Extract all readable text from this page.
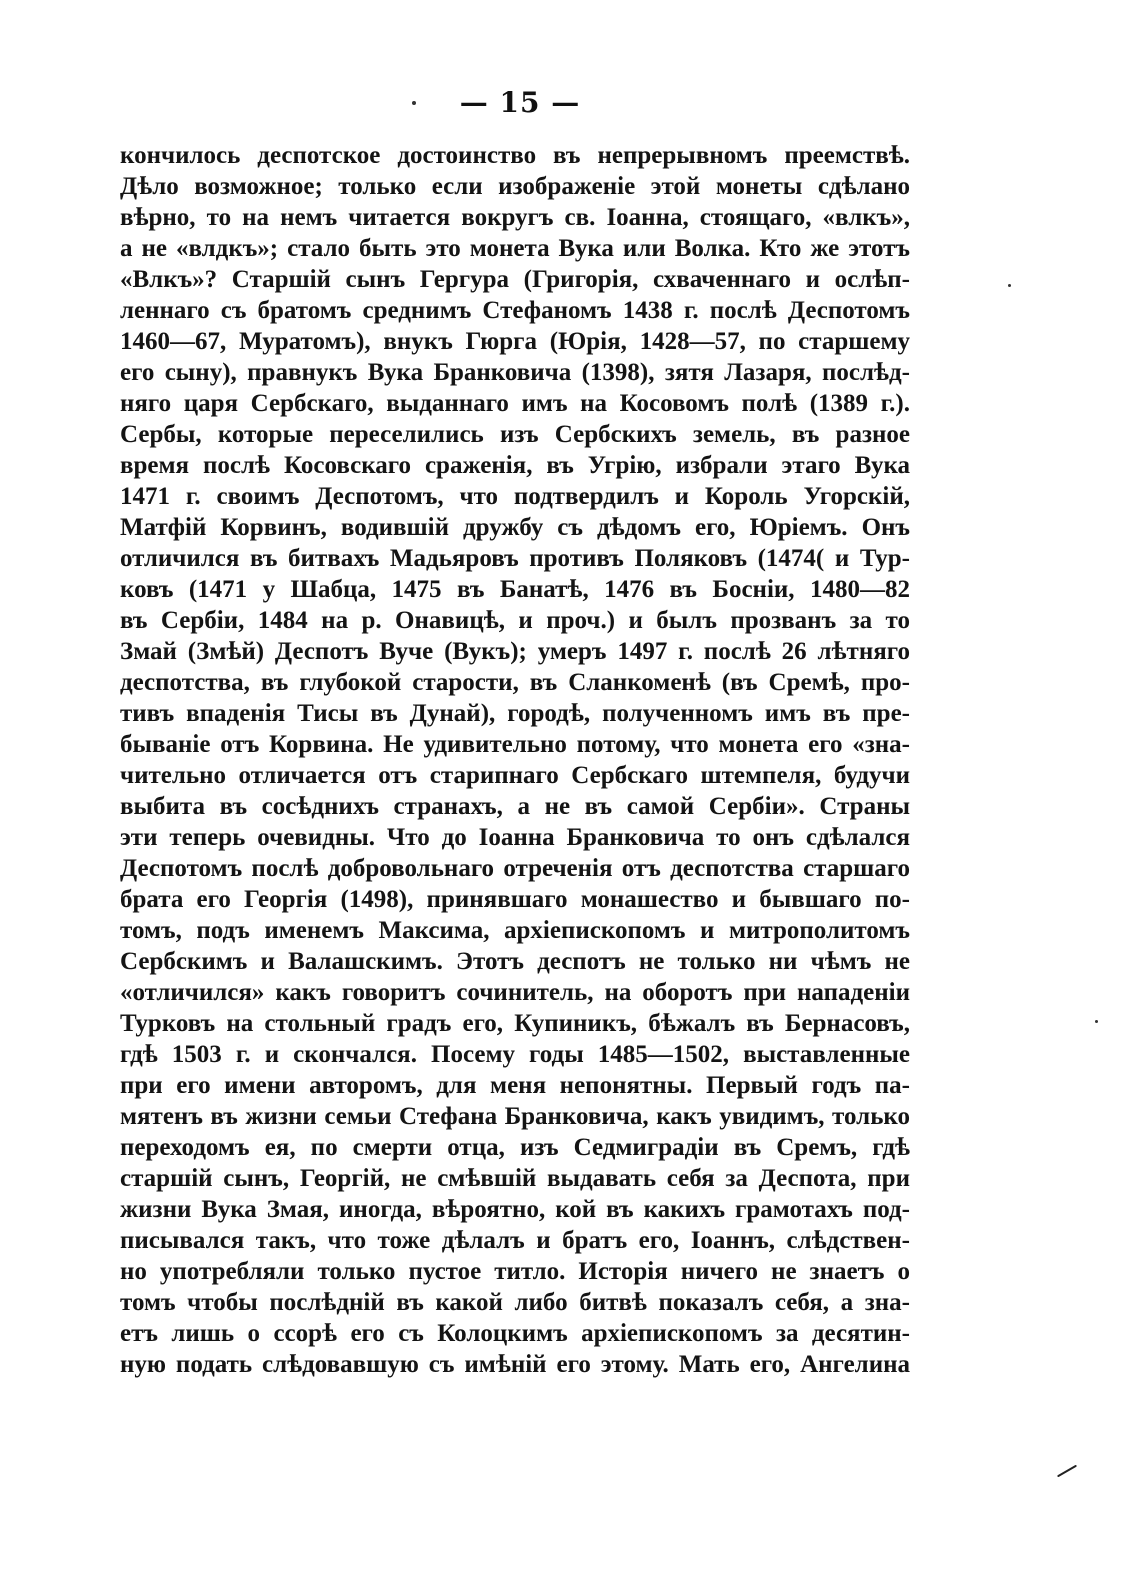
— 15 —
кончилось деспотское достоинство въ непрерывномъ преемствѣ.
Дѣло возможное; только если изображеніе этой монеты сдѣлано
вѣрно, то на немъ читается вокругъ св. Іоанна, стоящаго, «влкъ»,
а не «влдкъ»; стало быть это монета Вука или Волка. Кто же этотъ
«Влкъ»? Старшій сынъ Гергура (Григорія, схваченнаго и ослѣп-
леннаго съ братомъ среднимъ Стефаномъ 1438 г. послѣ Деспотомъ
1460—67, Муратомъ), внукъ Гюрга (Юрія, 1428—57, по старшему
его сыну), правнукъ Вука Бранковича (1398), зятя Лазаря, послѣд-
няго царя Сербскаго, выданнаго имъ на Косовомъ полѣ (1389 г.).
Сербы, которые переселились изъ Сербскихъ земель, въ разное
время послѣ Косовскаго сраженія, въ Угрію, избрали этаго Вука
1471 г. своимъ Деспотомъ, что подтвердилъ и Король Угорскій,
Матфій Корвинъ, водившій дружбу съ дѣдомъ его, Юріемъ. Онъ
отличился въ битвахъ Мадьяровъ противъ Поляковъ (1474( и Тур-
ковъ (1471 у Шабца, 1475 въ Банатѣ, 1476 въ Босніи, 1480—82
въ Сербіи, 1484 на р. Онавицѣ, и проч.) и былъ прозванъ за то
Змай (Змѣй) Деспотъ Вуче (Вукъ); умеръ 1497 г. послѣ 26 лѣтняго
деспотства, въ глубокой старости, въ Сланкоменѣ (въ Сремѣ, про-
тивъ впаденія Тисы въ Дунай), городѣ, полученномъ имъ въ пре-
бываніе отъ Корвина. Не удивительно потому, что монета его «зна-
чительно отличается отъ старипнаго Сербскаго штемпеля, будучи
выбита въ сосѣднихъ странахъ, а не въ самой Сербіи». Страны
эти теперь очевидны. Что до Іоанна Бранковича то онъ сдѣлался
Деспотомъ послѣ добровольнаго отреченія отъ деспотства старшаго
брата его Георгія (1498), принявшаго монашество и бывшаго по-
томъ, подъ именемъ Максима, архіепископомъ и митрополитомъ
Сербскимъ и Валашскимъ. Этотъ деспотъ не только ни чѣмъ не
«отличился» какъ говоритъ сочинитель, на оборотъ при нападеніи
Турковъ на стольный градъ его, Купиникъ, бѣжалъ въ Бернасовъ,
гдѣ 1503 г. и скончался. Посему годы 1485—1502, выставленные
при его имени авторомъ, для меня непонятны. Первый годъ па-
мятенъ въ жизни семьи Стефана Бранковича, какъ увидимъ, только
переходомъ ея, по смерти отца, изъ Седмиградіи въ Сремъ, гдѣ
старшій сынъ, Георгій, не смѣвшій выдавать себя за Деспота, при
жизни Вука Змая, иногда, вѣроятно, кой въ какихъ грамотахъ под-
писывался такъ, что тоже дѣлалъ и братъ его, Іоаннъ, слѣдствен-
но употребляли только пустое титло. Исторія ничего не знаетъ о
томъ чтобы послѣдній въ какой либо битвѣ показалъ себя, а зна-
етъ лишь о ссорѣ его съ Колоцкимъ архіепископомъ за десятин-
ную подать слѣдовавшую съ имѣній его этому. Мать его, Ангелина
